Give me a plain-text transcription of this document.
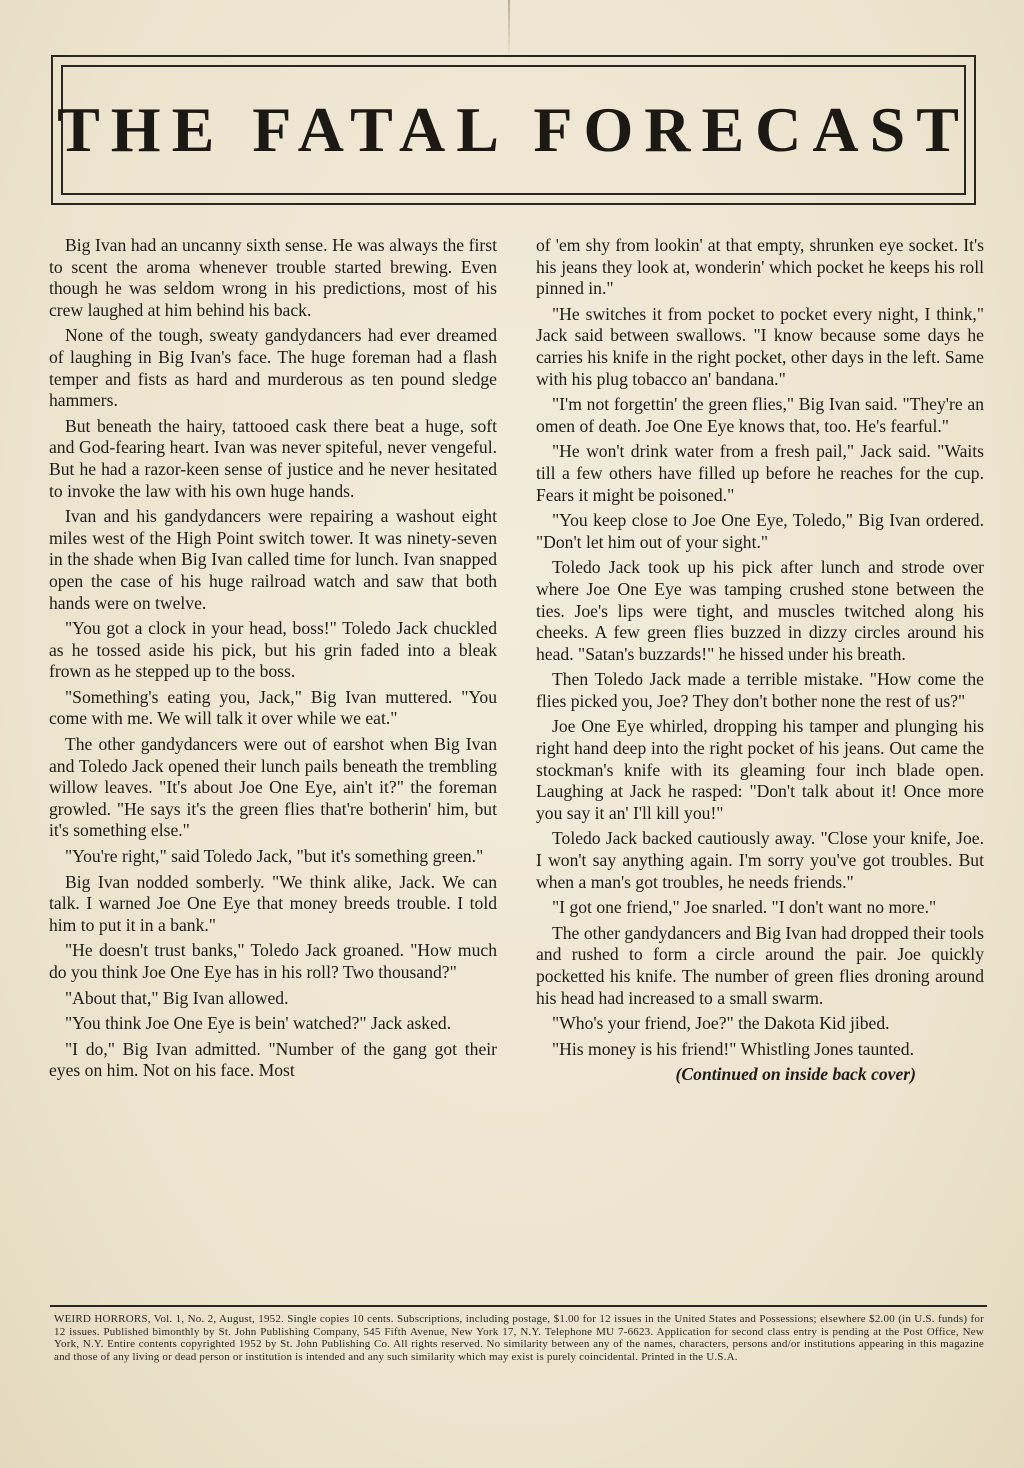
THE FATAL FORECAST

Big Ivan had an uncanny sixth sense. He was always the first to scent the aroma whenever trouble started brewing. Even though he was seldom wrong in his predictions, most of his crew laughed at him behind his back.

None of the tough, sweaty gandydancers had ever dreamed of laughing in Big Ivan's face. The huge foreman had a flash temper and fists as hard and murderous as ten pound sledge hammers.

But beneath the hairy, tattooed cask there beat a huge, soft and God-fearing heart. Ivan was never spiteful, never vengeful. But he had a razor-keen sense of justice and he never hesitated to invoke the law with his own huge hands.

Ivan and his gandydancers were repairing a washout eight miles west of the High Point switch tower. It was ninety-seven in the shade when Big Ivan called time for lunch. Ivan snapped open the case of his huge railroad watch and saw that both hands were on twelve.

"You got a clock in your head, boss!" Toledo Jack chuckled as he tossed aside his pick, but his grin faded into a bleak frown as he stepped up to the boss.

"Something's eating you, Jack," Big Ivan muttered. "You come with me. We will talk it over while we eat."

The other gandydancers were out of earshot when Big Ivan and Toledo Jack opened their lunch pails beneath the trembling willow leaves. "It's about Joe One Eye, ain't it?" the foreman growled. "He says it's the green flies that're botherin' him, but it's something else."

"You're right," said Toledo Jack, "but it's something green."

Big Ivan nodded somberly. "We think alike, Jack. We can talk. I warned Joe One Eye that money breeds trouble. I told him to put it in a bank."

"He doesn't trust banks," Toledo Jack groaned. "How much do you think Joe One Eye has in his roll? Two thousand?"

"About that," Big Ivan allowed.

"You think Joe One Eye is bein' watched?" Jack asked.

"I do," Big Ivan admitted. "Number of the gang got their eyes on him. Not on his face. Most

of 'em shy from lookin' at that empty, shrunken eye socket. It's his jeans they look at, wonderin' which pocket he keeps his roll pinned in."

"He switches it from pocket to pocket every night, I think," Jack said between swallows. "I know because some days he carries his knife in the right pocket, other days in the left. Same with his plug tobacco an' bandana."

"I'm not forgettin' the green flies," Big Ivan said. "They're an omen of death. Joe One Eye knows that, too. He's fearful."

"He won't drink water from a fresh pail," Jack said. "Waits till a few others have filled up before he reaches for the cup. Fears it might be poisoned."

"You keep close to Joe One Eye, Toledo," Big Ivan ordered. "Don't let him out of your sight."

Toledo Jack took up his pick after lunch and strode over where Joe One Eye was tamping crushed stone between the ties. Joe's lips were tight, and muscles twitched along his cheeks. A few green flies buzzed in dizzy circles around his head. "Satan's buzzards!" he hissed under his breath.

Then Toledo Jack made a terrible mistake. "How come the flies picked you, Joe? They don't bother none the rest of us?"

Joe One Eye whirled, dropping his tamper and plunging his right hand deep into the right pocket of his jeans. Out came the stockman's knife with its gleaming four inch blade open. Laughing at Jack he rasped: "Don't talk about it! Once more you say it an' I'll kill you!"

Toledo Jack backed cautiously away. "Close your knife, Joe. I won't say anything again. I'm sorry you've got troubles. But when a man's got troubles, he needs friends."

"I got one friend," Joe snarled. "I don't want no more."

The other gandydancers and Big Ivan had dropped their tools and rushed to form a circle around the pair. Joe quickly pocketted his knife. The number of green flies droning around his head had increased to a small swarm.

"Who's your friend, Joe?" the Dakota Kid jibed.

"His money is his friend!" Whistling Jones taunted.

(Continued on inside back cover)

WEIRD HORRORS, Vol. 1, No. 2, August, 1952. Single copies 10 cents. Subscriptions, including postage, $1.00 for 12 issues in the United States and Possessions; elsewhere $2.00 (in U.S. funds) for 12 issues. Published bimonthly by St. John Publishing Company, 545 Fifth Avenue, New York 17, N.Y. Telephone MU 7-6623. Application for second class entry is pending at the Post Office, New York, N.Y. Entire contents copyrighted 1952 by St. John Publishing Co. All rights reserved. No similarity between any of the names, characters, persons and/or institutions appearing in this magazine and those of any living or dead person or institution is intended and any such similarity which may exist is purely coincidental. Printed in the U.S.A.
